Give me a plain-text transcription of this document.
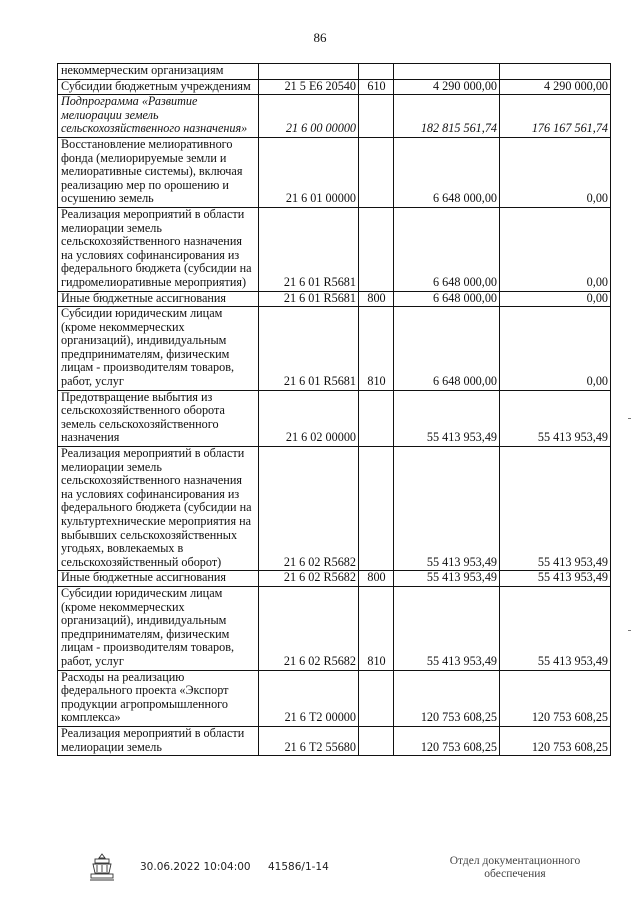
86
некоммерческим организациям				
Субсидии бюджетным учреждениям	21 5 Е6 20540	610	4 290 000,00	4 290 000,00
Подпрограмма «Развитие мелиорации земель сельскохозяйственного назначения»	21 6 00 00000		182 815 561,74	176 167 561,74
Восстановление мелиоративного фонда (мелиорируемые земли и мелиоративные системы), включая реализацию мер по орошению и осушению земель	21 6 01 00000		6 648 000,00	0,00
Реализация мероприятий в области мелиорации земель сельскохозяйственного назначения на условиях софинансирования из федерального бюджета (субсидии на гидромелиоративные мероприятия)	21 6 01 R5681		6 648 000,00	0,00
Иные бюджетные ассигнования	21 6 01 R5681	800	6 648 000,00	0,00
Субсидии юридическим лицам (кроме некоммерческих организаций), индивидуальным предпринимателям, физическим лицам - производителям товаров, работ, услуг	21 6 01 R5681	810	6 648 000,00	0,00
Предотвращение выбытия из сельскохозяйственного оборота земель сельскохозяйственного назначения	21 6 02 00000		55 413 953,49	55 413 953,49
Реализация мероприятий в области мелиорации земель сельскохозяйственного назначения на условиях софинансирования из федерального бюджета (субсидии на культуртехнические мероприятия на выбывших сельскохозяйственных угодьях, вовлекаемых в сельскохозяйственный оборот)	21 6 02 R5682		55 413 953,49	55 413 953,49
Иные бюджетные ассигнования	21 6 02 R5682	800	55 413 953,49	55 413 953,49
Субсидии юридическим лицам (кроме некоммерческих организаций), индивидуальным предпринимателям, физическим лицам - производителям товаров, работ, услуг	21 6 02 R5682	810	55 413 953,49	55 413 953,49
Расходы на реализацию федерального проекта «Экспорт продукции агропромышленного комплекса»	21 6 Т2 00000		120 753 608,25	120 753 608,25
Реализация мероприятий в области мелиорации земель	21 6 Т2 55680		120 753 608,25	120 753 608,25
30.06.2022 10:04:00 41586/1-14	Отдел документационного обеспечения
